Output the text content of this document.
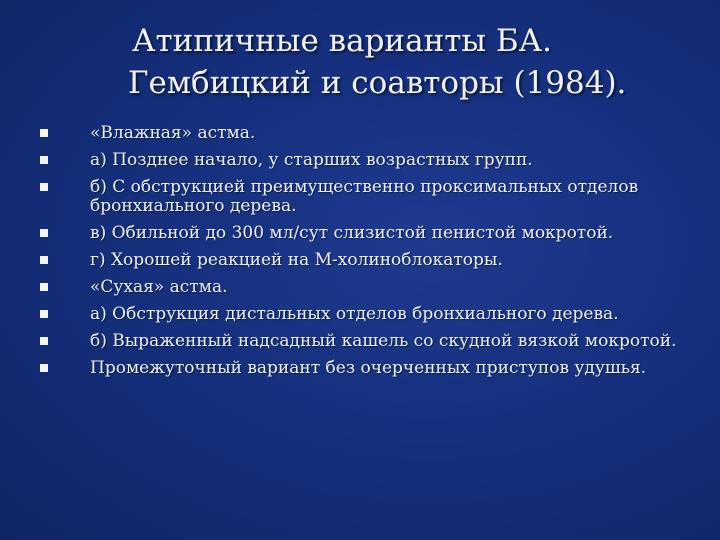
Атипичные варианты БА.
Гембицкий и соавторы (1984).
«Влажная» астма.
а) Позднее начало, у старших возрастных групп.
б) С обструкцией преимущественно проксимальных отделов бронхиального дерева.
в) Обильной до 300 мл/сут слизистой пенистой мокротой.
г) Хорошей реакцией на М-холиноблокаторы.
«Сухая» астма.
а) Обструкция дистальных отделов бронхиального дерева.
б) Выраженный надсадный кашель со скудной вязкой мокротой.
Промежуточный вариант без очерченных приступов удушья.
